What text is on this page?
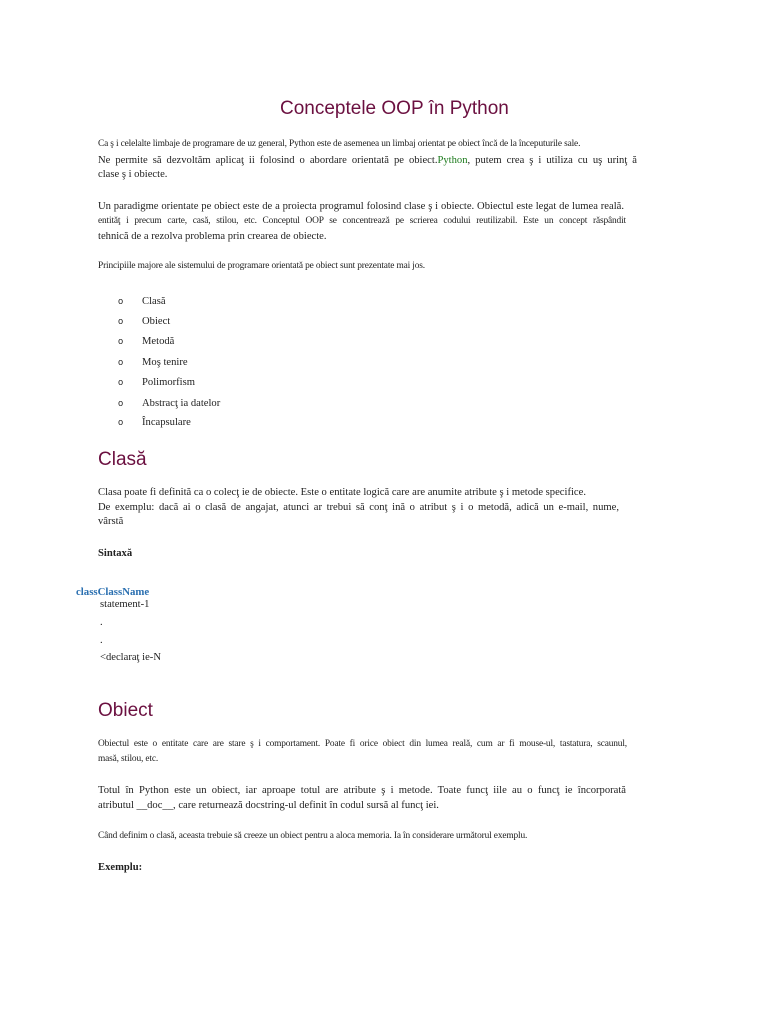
Conceptele OOP în Python
Ca ş i celelalte limbaje de programare de uz general, Python este de asemenea un limbaj orientat pe obiect încă de la începuturile sale.
Ne permite să dezvoltăm aplicaţ ii folosind o abordare orientată pe obiect.Python, putem crea ş i utiliza cu uş urinţ ă
clase ş i obiecte.
Un paradigme orientate pe obiect este de a proiecta programul folosind clase ş i obiecte. Obiectul este legat de lumea reală.
entităţ i precum carte, casă, stilou, etc. Conceptul OOP se concentrează pe scrierea codului reutilizabil. Este un concept răspândit
tehnică de a rezolva problema prin crearea de obiecte.
Principiile majore ale sistemului de programare orientată pe obiect sunt prezentate mai jos.
o Clasă
o Obiect
o Metodă
o Moş tenire
o Polimorfism
o Abstracţ ia datelor
o Încapsulare
Clasă
Clasa poate fi definită ca o colecţ ie de obiecte. Este o entitate logică care are anumite atribute ş i metode specifice.
De exemplu: dacă ai o clasă de angajat, atunci ar trebui să conţ ină o atribut ş i o metodă, adică un e-mail, nume,
vârstă
Sintaxă
classClassName
statement-1
.
.
<declaraţ ie-N
Obiect
Obiectul este o entitate care are stare ş i comportament. Poate fi orice obiect din lumea reală, cum ar fi mouse-ul, tastatura, scaunul,
masă, stilou, etc.
Totul în Python este un obiect, iar aproape totul are atribute ş i metode. Toate funcţ iile au o funcţ ie încorporată
atributul __doc__, care returnează docstring-ul definit în codul sursă al funcţ iei.
Când definim o clasă, aceasta trebuie să creeze un obiect pentru a aloca memoria. Ia în considerare următorul exemplu.
Exemplu:
